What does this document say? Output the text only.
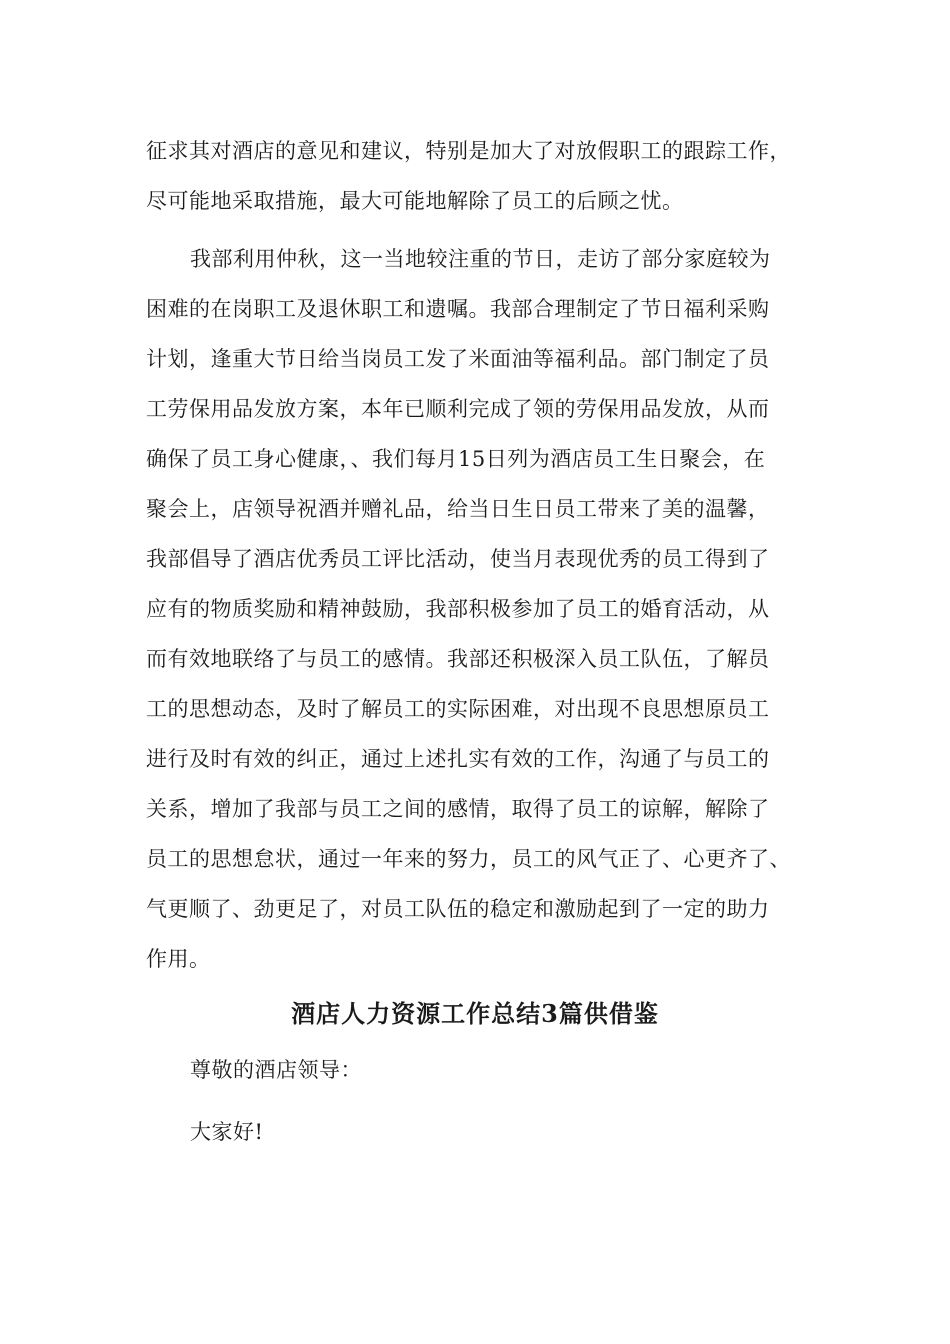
征求其对酒店的意见和建议，特别是加大了对放假职工的跟踪工作，
尽可能地采取措施，最大可能地解除了员工的后顾之忧。
我部利用仲秋，这一当地较注重的节日，走访了部分家庭较为
困难的在岗职工及退休职工和遗嘱。我部合理制定了节日福利采购
计划，逢重大节日给当岗员工发了米面油等福利品。部门制定了员
工劳保用品发放方案，本年已顺利完成了领的劳保用品发放，从而
确保了员工身心健康，、我们每月15日列为酒店员工生日聚会，在
聚会上，店领导祝酒并赠礼品，给当日生日员工带来了美的温馨，
我部倡导了酒店优秀员工评比活动，使当月表现优秀的员工得到了
应有的物质奖励和精神鼓励，我部积极参加了员工的婚育活动，从
而有效地联络了与员工的感情。我部还积极深入员工队伍，了解员
工的思想动态，及时了解员工的实际困难，对出现不良思想原员工
进行及时有效的纠正，通过上述扎实有效的工作，沟通了与员工的
关系，增加了我部与员工之间的感情，取得了员工的谅解，解除了
员工的思想怠状，通过一年来的努力，员工的风气正了、心更齐了、
气更顺了、劲更足了，对员工队伍的稳定和激励起到了一定的助力
作用。
酒店人力资源工作总结3篇供借鉴
尊敬的酒店领导：
大家好!
